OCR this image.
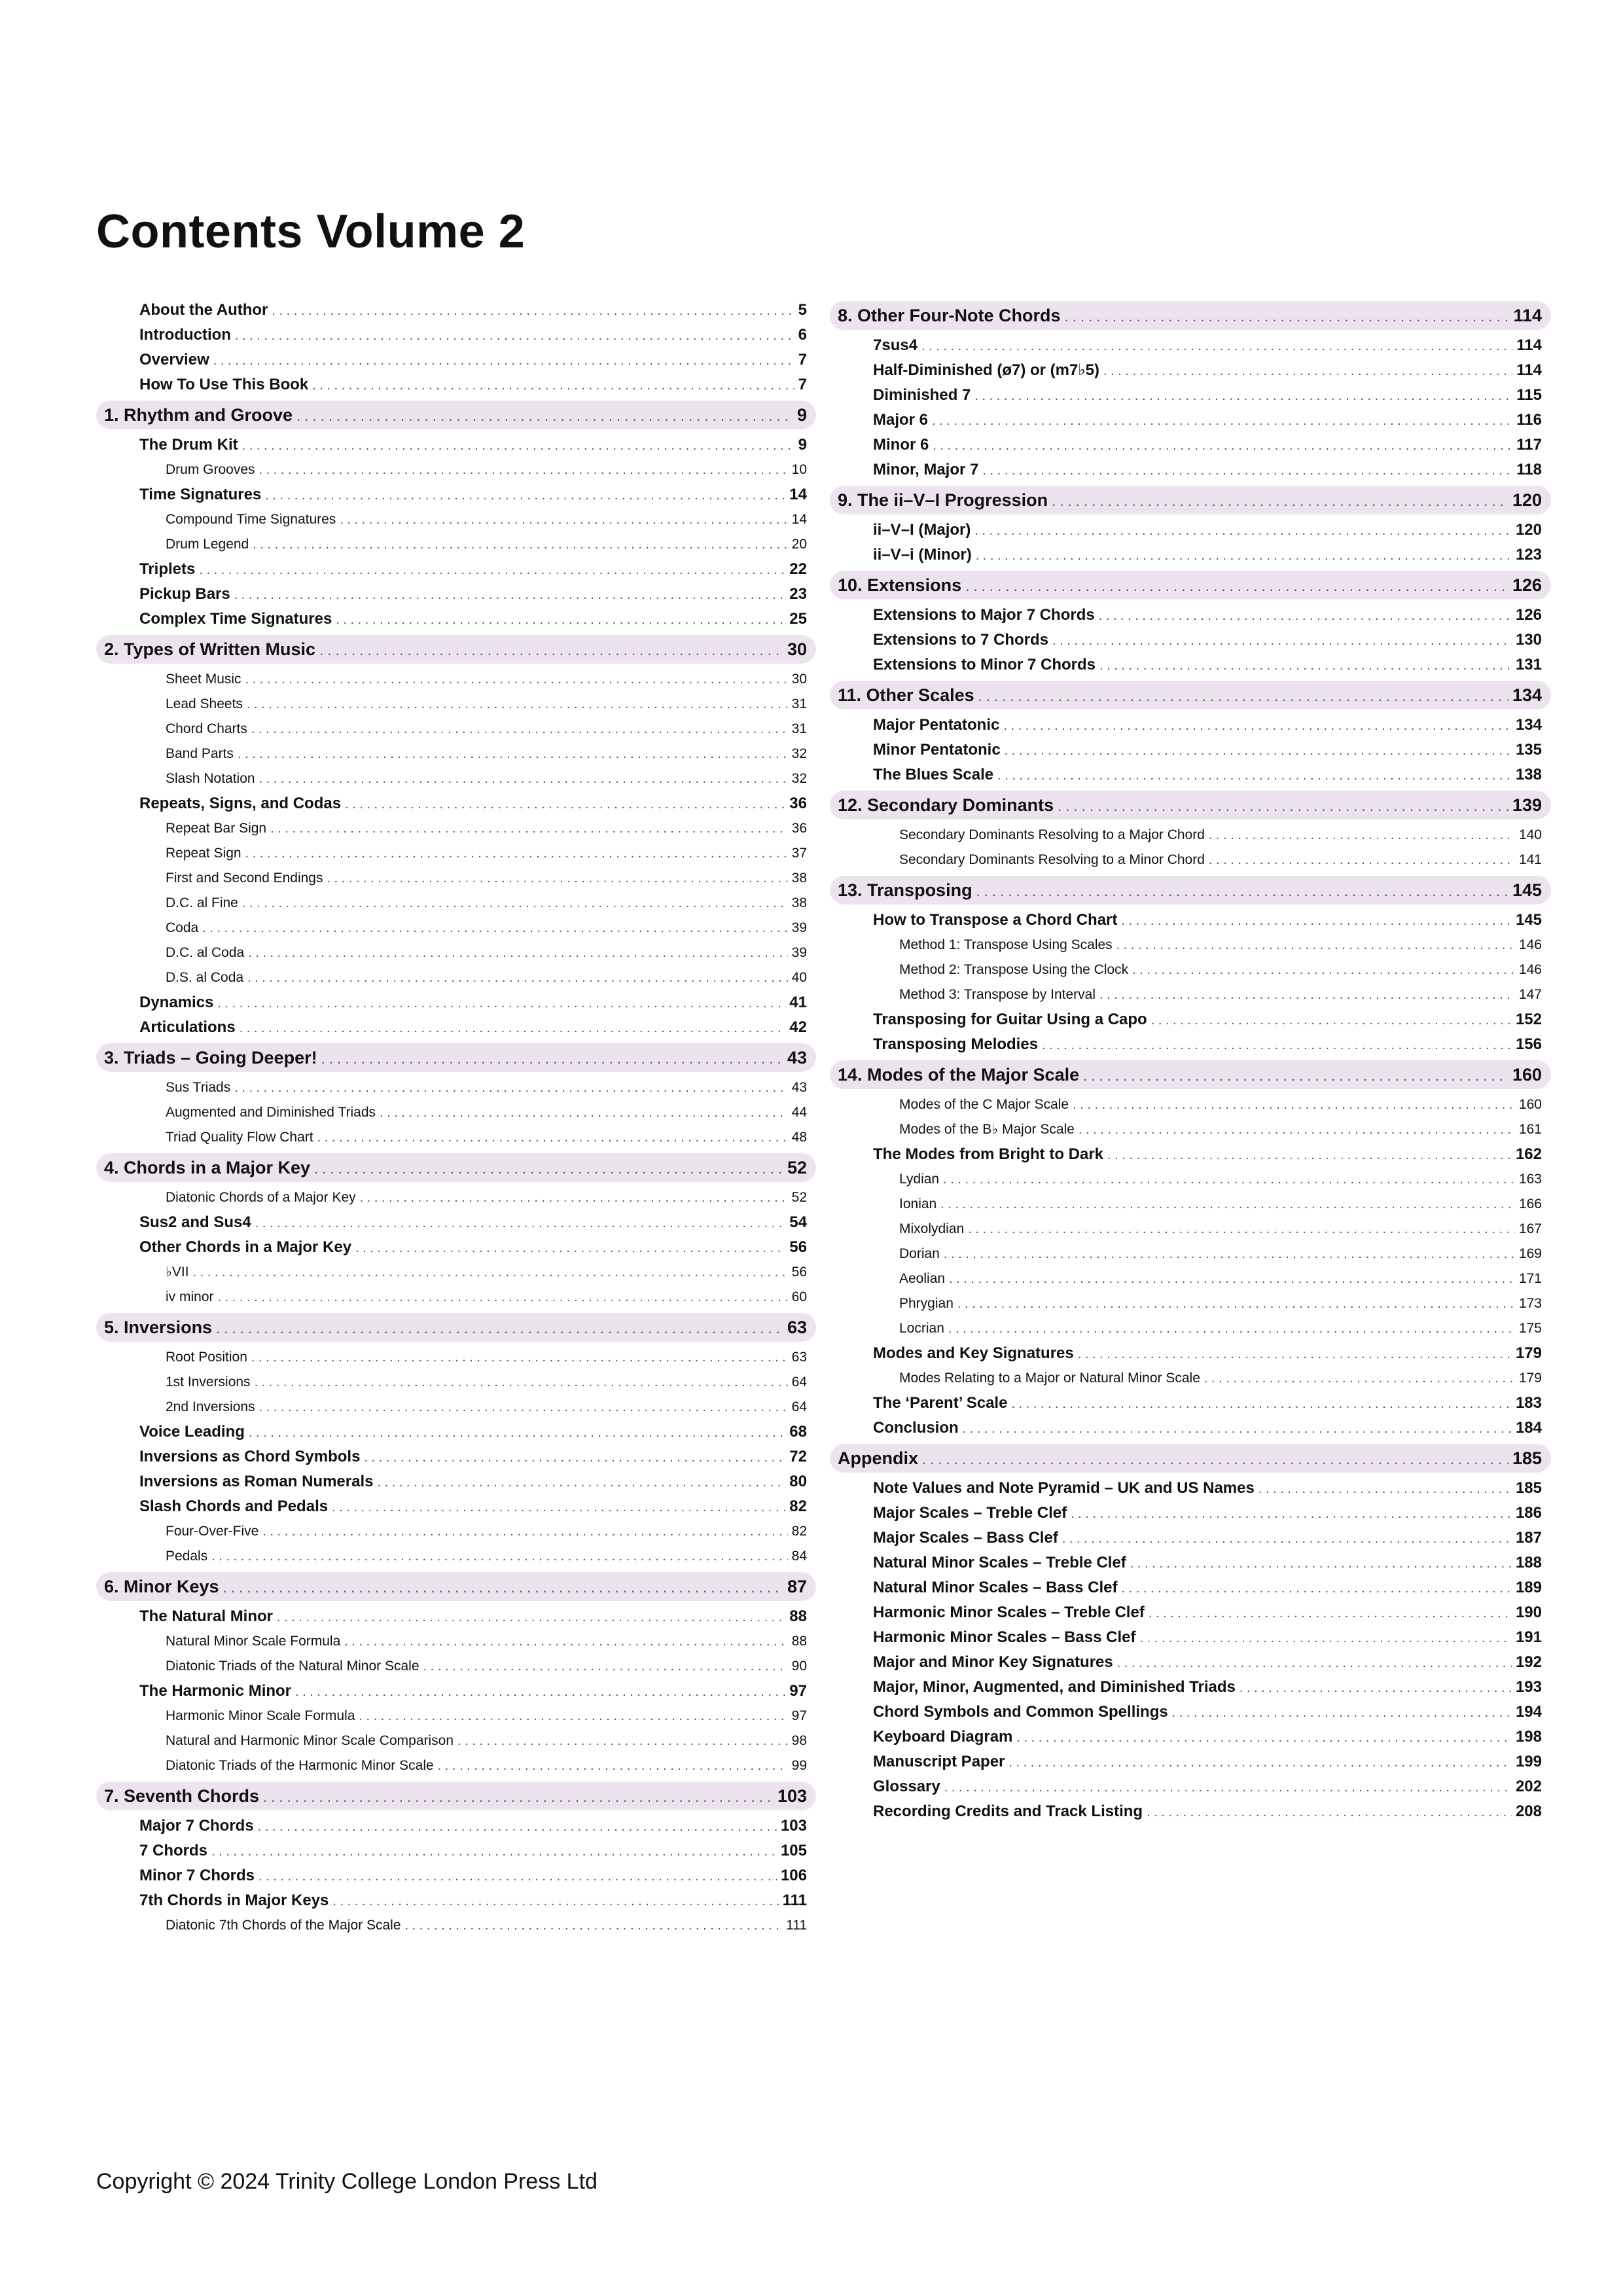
Contents Volume 2
About the Author . . .	5
Introduction . . .	6
Overview . . .	7
How To Use This Book . . .	7
1. Rhythm and Groove . . .	9
The Drum Kit . . .	9
Drum Grooves . . .	10
Time Signatures . . .	14
Compound Time Signatures . . .	14
Drum Legend . . .	20
Triplets . . .	22
Pickup Bars . . .	23
Complex Time Signatures . . .	25
2. Types of Written Music . . .	30
Sheet Music . . .	30
Lead Sheets . . .	31
Chord Charts . . .	31
Band Parts . . .	32
Slash Notation . . .	32
Repeats, Signs, and Codas . . .	36
Repeat Bar Sign . . .	36
Repeat Sign . . .	37
First and Second Endings . . .	38
D.C. al Fine . . .	38
Coda . . .	39
D.C. al Coda . . .	39
D.S. al Coda . . .	40
Dynamics . . .	41
Articulations . . .	42
3. Triads – Going Deeper! . . .	43
Sus Triads . . .	43
Augmented and Diminished Triads . . .	44
Triad Quality Flow Chart . . .	48
4. Chords in a Major Key . . .	52
Diatonic Chords of a Major Key . . .	52
Sus2 and Sus4 . . .	54
Other Chords in a Major Key . . .	56
♭VII . . .	56
iv minor . . .	60
5. Inversions . . .	63
Root Position . . .	63
1st Inversions . . .	64
2nd Inversions . . .	64
Voice Leading . . .	68
Inversions as Chord Symbols . . .	72
Inversions as Roman Numerals . . .	80
Slash Chords and Pedals . . .	82
Four-Over-Five . . .	82
Pedals . . .	84
6. Minor Keys . . .	87
The Natural Minor . . .	88
Natural Minor Scale Formula . . .	88
Diatonic Triads of the Natural Minor Scale . . .	90
The Harmonic Minor . . .	97
Harmonic Minor Scale Formula . . .	97
Natural and Harmonic Minor Scale Comparison . . .	98
Diatonic Triads of the Harmonic Minor Scale . . .	99
7. Seventh Chords . . .	103
Major 7 Chords . . .	103
7 Chords . . .	105
Minor 7 Chords . . .	106
7th Chords in Major Keys . . .	111
Diatonic 7th Chords of the Major Scale . . .	111
8. Other Four-Note Chords . . .	114
7sus4 . . .	114
Half-Diminished (ø7) or (m7♭5) . . .	114
Diminished 7 . . .	115
Major 6 . . .	116
Minor 6 . . .	117
Minor, Major 7 . . .	118
9. The ii–V–I Progression . . .	120
ii–V–I (Major) . . .	120
ii–V–i (Minor) . . .	123
10. Extensions . . .	126
Extensions to Major 7 Chords . . .	126
Extensions to 7 Chords . . .	130
Extensions to Minor 7 Chords . . .	131
11. Other Scales . . .	134
Major Pentatonic . . .	134
Minor Pentatonic . . .	135
The Blues Scale . . .	138
12. Secondary Dominants . . .	139
Secondary Dominants Resolving to a Major Chord . . .	140
Secondary Dominants Resolving to a Minor Chord . . .	141
13. Transposing . . .	145
How to Transpose a Chord Chart . . .	145
Method 1: Transpose Using Scales . . .	146
Method 2: Transpose Using the Clock . . .	146
Method 3: Transpose by Interval . . .	147
Transposing for Guitar Using a Capo . . .	152
Transposing Melodies . . .	156
14. Modes of the Major Scale . . .	160
Modes of the C Major Scale . . .	160
Modes of the B♭ Major Scale . . .	161
The Modes from Bright to Dark . . .	162
Lydian . . .	163
Ionian . . .	166
Mixolydian . . .	167
Dorian . . .	169
Aeolian . . .	171
Phrygian . . .	173
Locrian . . .	175
Modes and Key Signatures . . .	179
Modes Relating to a Major or Natural Minor Scale . . .	179
The ‘Parent’ Scale . . .	183
Conclusion . . .	184
Appendix . . .	185
Note Values and Note Pyramid – UK and US Names . . .	185
Major Scales – Treble Clef . . .	186
Major Scales – Bass Clef . . .	187
Natural Minor Scales – Treble Clef . . .	188
Natural Minor Scales – Bass Clef . . .	189
Harmonic Minor Scales – Treble Clef . . .	190
Harmonic Minor Scales – Bass Clef . . .	191
Major and Minor Key Signatures . . .	192
Major, Minor, Augmented, and Diminished Triads . . .	193
Chord Symbols and Common Spellings . . .	194
Keyboard Diagram . . .	198
Manuscript Paper . . .	199
Glossary . . .	202
Recording Credits and Track Listing . . .	208
Copyright © 2024 Trinity College London Press Ltd
